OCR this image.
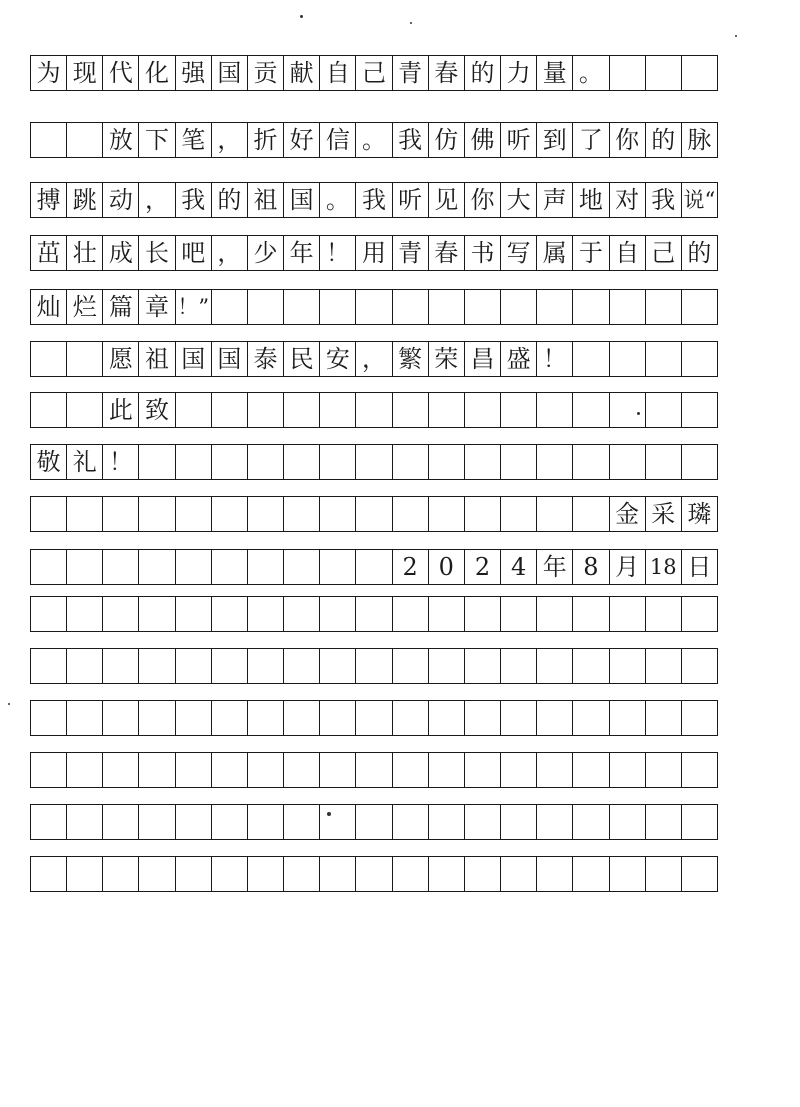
为 现 代 化 强 国 贡 献 自 己 青 春 的 力 量 。
放 下 笔 ， 折 好 信 。 我 仿 佛 听 到 了 你 的 脉
搏 跳 动 ， 我 的 祖 国 。 我 听 见 你 大 声 地 对 我 说“
茁 壮 成 长 吧 ， 少 年 ！ 用 青 春 书 写 属 于 自 己 的
灿 烂 篇 章 ！”
愿 祖 国 国 泰 民 安 ， 繁 荣 昌 盛 ！
此 致
敬 礼 ！
金 采 璘
2 0 2 4 年 8 月 18 日
